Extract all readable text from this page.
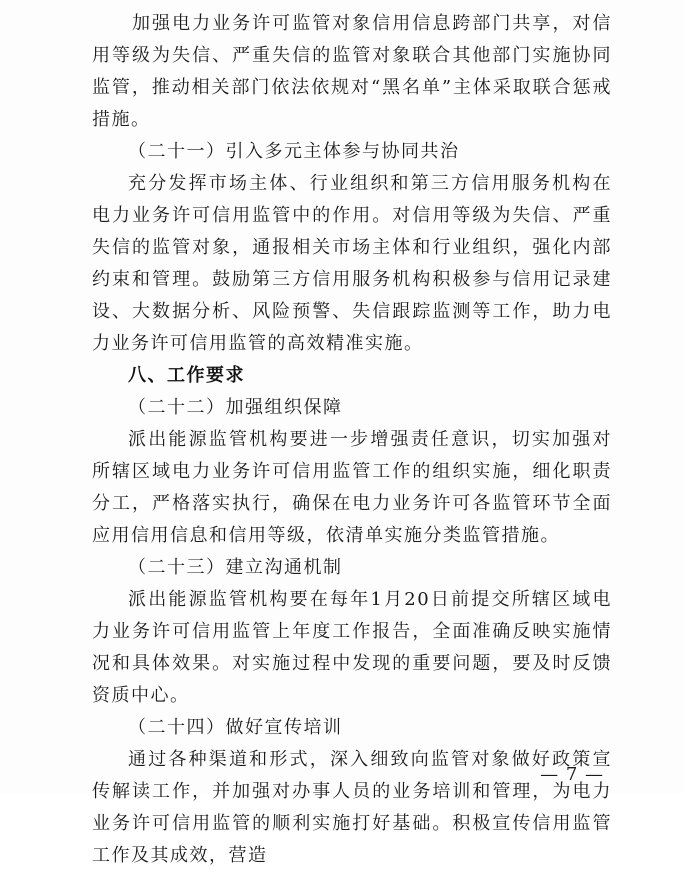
　　加强电力业务许可监管对象信用信息跨部门共享，对信用等级为失信、严重失信的监管对象联合其他部门实施协同监管，推动相关部门依法依规对“黑名单”主体采取联合惩戒措施。

（二十一）引入多元主体参与协同共治

充分发挥市场主体、行业组织和第三方信用服务机构在电力业务许可信用监管中的作用。对信用等级为失信、严重失信的监管对象，通报相关市场主体和行业组织，强化内部约束和管理。鼓励第三方信用服务机构积极参与信用记录建设、大数据分析、风险预警、失信跟踪监测等工作，助力电力业务许可信用监管的高效精准实施。

八、工作要求

（二十二）加强组织保障

派出能源监管机构要进一步增强责任意识，切实加强对所辖区域电力业务许可信用监管工作的组织实施，细化职责分工，严格落实执行，确保在电力业务许可各监管环节全面应用信用信息和信用等级，依清单实施分类监管措施。

（二十三）建立沟通机制

派出能源监管机构要在每年1月20日前提交所辖区域电力业务许可信用监管上年度工作报告，全面准确反映实施情况和具体效果。对实施过程中发现的重要问题，要及时反馈资质中心。

（二十四）做好宣传培训

通过各种渠道和形式，深入细致向监管对象做好政策宣传解读工作，并加强对办事人员的业务培训和管理，为电力业务许可信用监管的顺利实施打好基础。积极宣传信用监管工作及其成效，营造

— 7 —
